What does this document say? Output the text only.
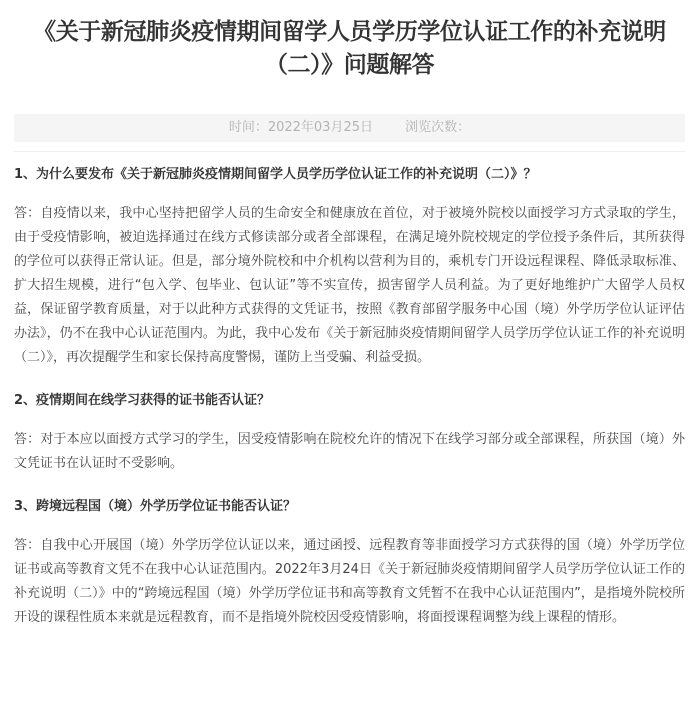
《关于新冠肺炎疫情期间留学人员学历学位认证工作的补充说明（二）》问题解答
时间：2022年03月25日 浏览次数：

1、为什么要发布《关于新冠肺炎疫情期间留学人员学历学位认证工作的补充说明（二）》？

答：自疫情以来，我中心坚持把留学人员的生命安全和健康放在首位，对于被境外院校以面授学习方式录取的学生，由于受疫情影响，被迫选择通过在线方式修读部分或者全部课程，在满足境外院校规定的学位授予条件后，其所获得的学位可以获得正常认证。但是，部分境外院校和中介机构以营利为目的，乘机专门开设远程课程、降低录取标准、扩大招生规模，进行“包入学、包毕业、包认证”等不实宣传，损害留学人员利益。为了更好地维护广大留学人员权益，保证留学教育质量，对于以此种方式获得的文凭证书，按照《教育部留学服务中心国（境）外学历学位认证评估办法》，仍不在我中心认证范围内。为此，我中心发布《关于新冠肺炎疫情期间留学人员学历学位认证工作的补充说明（二）》，再次提醒学生和家长保持高度警惕，谨防上当受骗、利益受损。

2、疫情期间在线学习获得的证书能否认证？

答：对于本应以面授方式学习的学生，因受疫情影响在院校允许的情况下在线学习部分或全部课程，所获国（境）外文凭证书在认证时不受影响。

3、跨境远程国（境）外学历学位证书能否认证？

答：自我中心开展国（境）外学历学位认证以来，通过函授、远程教育等非面授学习方式获得的国（境）外学历学位证书或高等教育文凭不在我中心认证范围内。2022年3月24日《关于新冠肺炎疫情期间留学人员学历学位认证工作的补充说明（二）》中的“跨境远程国（境）外学历学位证书和高等教育文凭暂不在我中心认证范围内”，是指境外院校所开设的课程性质本来就是远程教育，而不是指境外院校因受疫情影响，将面授课程调整为线上课程的情形。
